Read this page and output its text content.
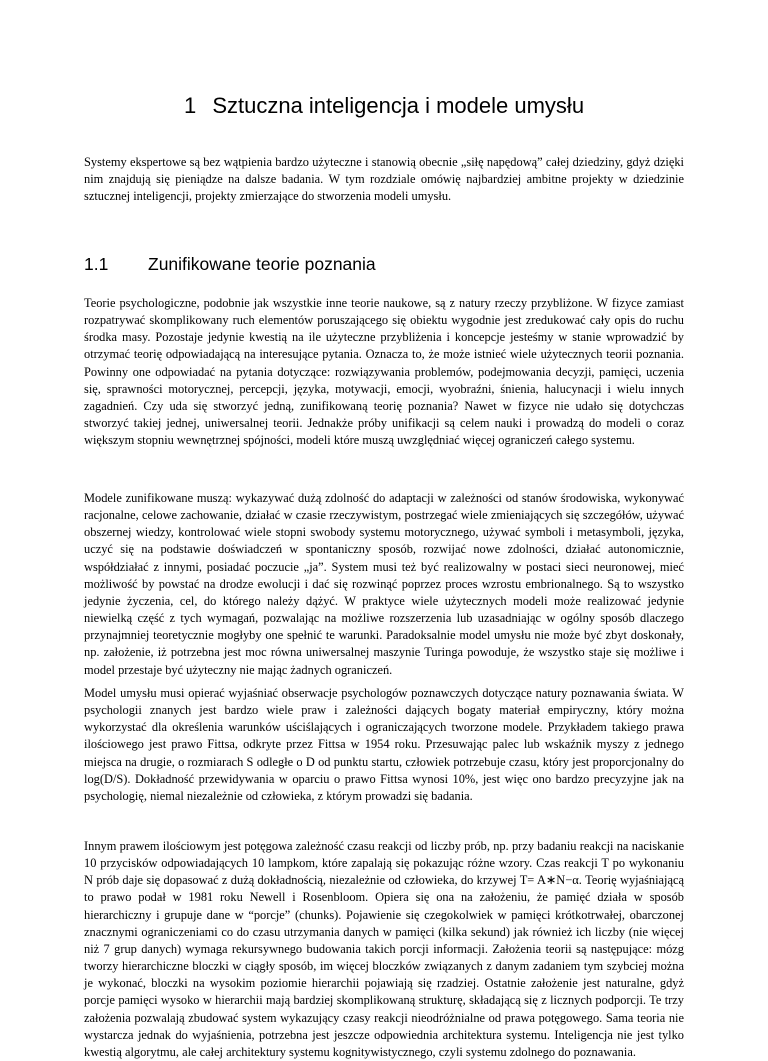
1 Sztuczna inteligencja i modele umysłu

Systemy ekspertowe są bez wątpienia bardzo użyteczne i stanowią obecnie „siłę napędową” całej dziedziny, gdyż dzięki nim znajdują się pieniądze na dalsze badania. W tym rozdziale omówię najbardziej ambitne projekty w dziedzinie sztucznej inteligencji, projekty zmierzające do stworzenia modeli umysłu.

1.1 Zunifikowane teorie poznania

Teorie psychologiczne, podobnie jak wszystkie inne teorie naukowe, są z natury rzeczy przybliżone. W fizyce zamiast rozpatrywać skomplikowany ruch elementów poruszającego się obiektu wygodnie jest zredukować cały opis do ruchu środka masy. Pozostaje jedynie kwestią na ile użyteczne przybliżenia i koncepcje jesteśmy w stanie wprowadzić by otrzymać teorię odpowiadającą na interesujące pytania. Oznacza to, że może istnieć wiele użytecznych teorii poznania. Powinny one odpowiadać na pytania dotyczące: rozwiązywania problemów, podejmowania decyzji, pamięci, uczenia się, sprawności motorycznej, percepcji, języka, motywacji, emocji, wyobraźni, śnienia, halucynacji i wielu innych zagadnień. Czy uda się stworzyć jedną, zunifikowaną teorię poznania? Nawet w fizyce nie udało się dotychczas stworzyć takiej jednej, uniwersalnej teorii. Jednakże próby unifikacji są celem nauki i prowadzą do modeli o coraz większym stopniu wewnętrznej spójności, modeli które muszą uwzględniać więcej ograniczeń całego systemu.

Modele zunifikowane muszą: wykazywać dużą zdolność do adaptacji w zależności od stanów środowiska, wykonywać racjonalne, celowe zachowanie, działać w czasie rzeczywistym, postrzegać wiele zmieniających się szczegółów, używać obszernej wiedzy, kontrolować wiele stopni swobody systemu motorycznego, używać symboli i metasymboli, języka, uczyć się na podstawie doświadczeń w spontaniczny sposób, rozwijać nowe zdolności, działać autonomicznie, współdziałać z innymi, posiadać poczucie „ja”. System musi też być realizowalny w postaci sieci neuronowej, mieć możliwość by powstać na drodze ewolucji i dać się rozwinąć poprzez proces wzrostu embrionalnego. Są to wszystko jedynie życzenia, cel, do którego należy dążyć. W praktyce wiele użytecznych modeli może realizować jedynie niewielką część z tych wymagań, pozwalając na możliwe rozszerzenia lub uzasadniając w ogólny sposób dlaczego przynajmniej teoretycznie mogłyby one spełnić te warunki. Paradoksalnie model umysłu nie może być zbyt doskonały, np. założenie, iż potrzebna jest moc równa uniwersalnej maszynie Turinga powoduje, że wszystko staje się możliwe i model przestaje być użyteczny nie mając żadnych ograniczeń.

Model umysłu musi opierać wyjaśniać obserwacje psychologów poznawczych dotyczące natury poznawania świata. W psychologii znanych jest bardzo wiele praw i zależności dających bogaty materiał empiryczny, który można wykorzystać dla określenia warunków uściślających i ograniczających tworzone modele. Przykładem takiego prawa ilościowego jest prawo Fittsa, odkryte przez Fittsa w 1954 roku. Przesuwając palec lub wskaźnik myszy z jednego miejsca na drugie, o rozmiarach S odległe o D od punktu startu, człowiek potrzebuje czasu, który jest proporcjonalny do log(D/S). Dokładność przewidywania w oparciu o prawo Fittsa wynosi 10%, jest więc ono bardzo precyzyjne jak na psychologię, niemal niezależnie od człowieka, z którym prowadzi się badania.

Innym prawem ilościowym jest potęgowa zależność czasu reakcji od liczby prób, np. przy badaniu reakcji na naciskanie 10 przycisków odpowiadających 10 lampkom, które zapalają się pokazując różne wzory. Czas reakcji T po wykonaniu N prób daje się dopasować z dużą dokładnością, niezależnie od człowieka, do krzywej T= A∗N−α. Teorię wyjaśniającą to prawo podał w 1981 roku Newell i Rosenbloom. Opiera się ona na założeniu, że pamięć działa w sposób hierarchiczny i grupuje dane w “porcje” (chunks). Pojawienie się czegokolwiek w pamięci krótkotrwałej, obarczonej znacznymi ograniczeniami co do czasu utrzymania danych w pamięci (kilka sekund) jak również ich liczby (nie więcej niż 7 grup danych) wymaga rekursywnego budowania takich porcji informacji. Założenia teorii są następujące: mózg tworzy hierarchiczne bloczki w ciągły sposób, im więcej bloczków związanych z danym zadaniem tym szybciej można je wykonać, bloczki na wysokim poziomie hierarchii pojawiają się rzadziej. Ostatnie założenie jest naturalne, gdyż porcje pamięci wysoko w hierarchii mają bardziej skomplikowaną strukturę, składającą się z licznych podporcji. Te trzy założenia pozwalają zbudować system wykazujący czasy reakcji nieodróżnialne od prawa potęgowego. Sama teoria nie wystarcza jednak do wyjaśnienia, potrzebna jest jeszcze odpowiednia architektura systemu. Inteligencja nie jest tylko kwestią algorytmu, ale całej architektury systemu kognitywistycznego, czyli systemu zdolnego do poznawania.
